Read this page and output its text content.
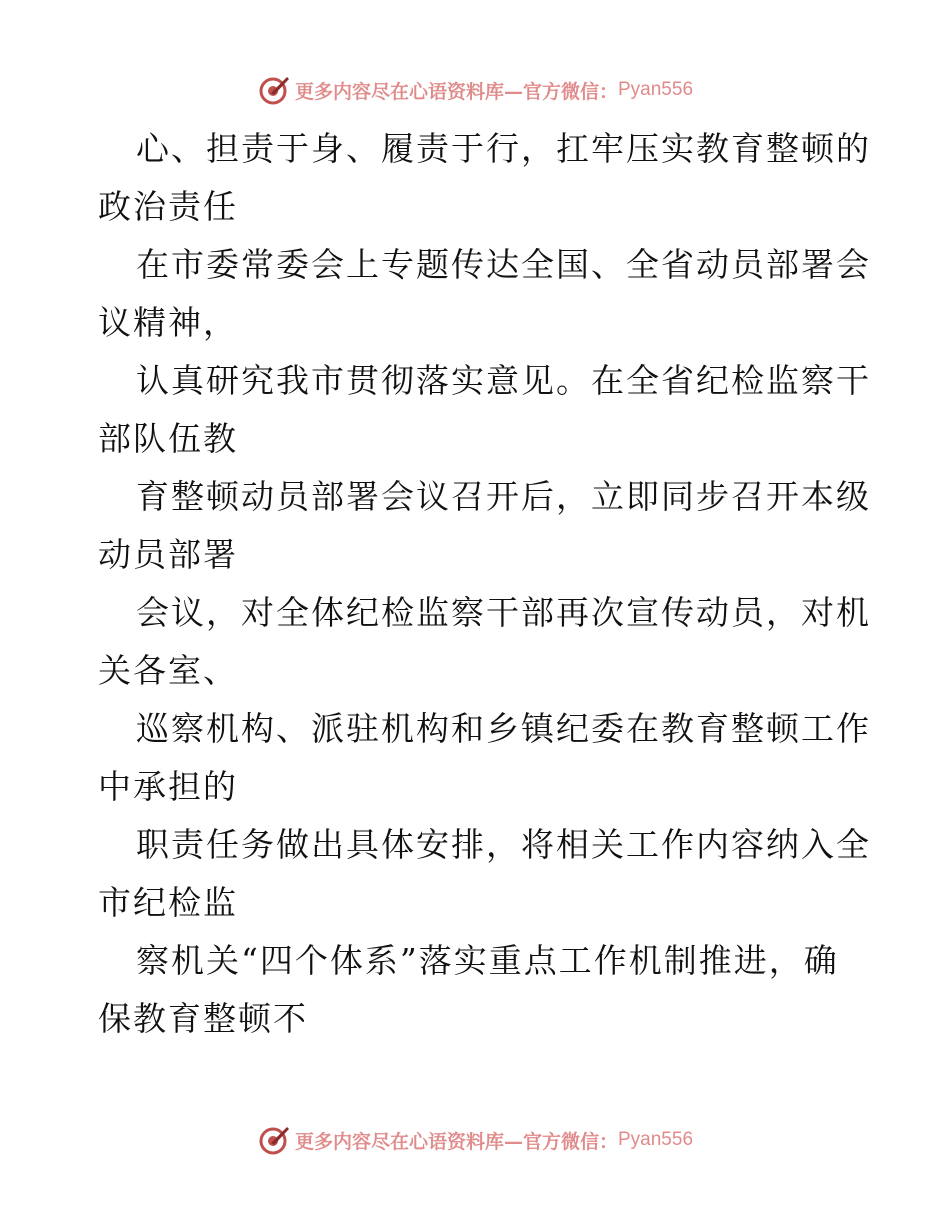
更多内容尽在心语资料库—官方微信： Pyan556
心、担责于身、履责于行，扛牢压实教育整顿的
政治责任
在市委常委会上专题传达全国、全省动员部署会
议精神，
认真研究我市贯彻落实意见。在全省纪检监察干
部队伍教
育整顿动员部署会议召开后，立即同步召开本级
动员部署
会议，对全体纪检监察干部再次宣传动员，对机
关各室、
巡察机构、派驻机构和乡镇纪委在教育整顿工作
中承担的
职责任务做出具体安排，将相关工作内容纳入全
市纪检监
察机关“四个体系”落实重点工作机制推进，确
保教育整顿不
更多内容尽在心语资料库—官方微信： Pyan556
